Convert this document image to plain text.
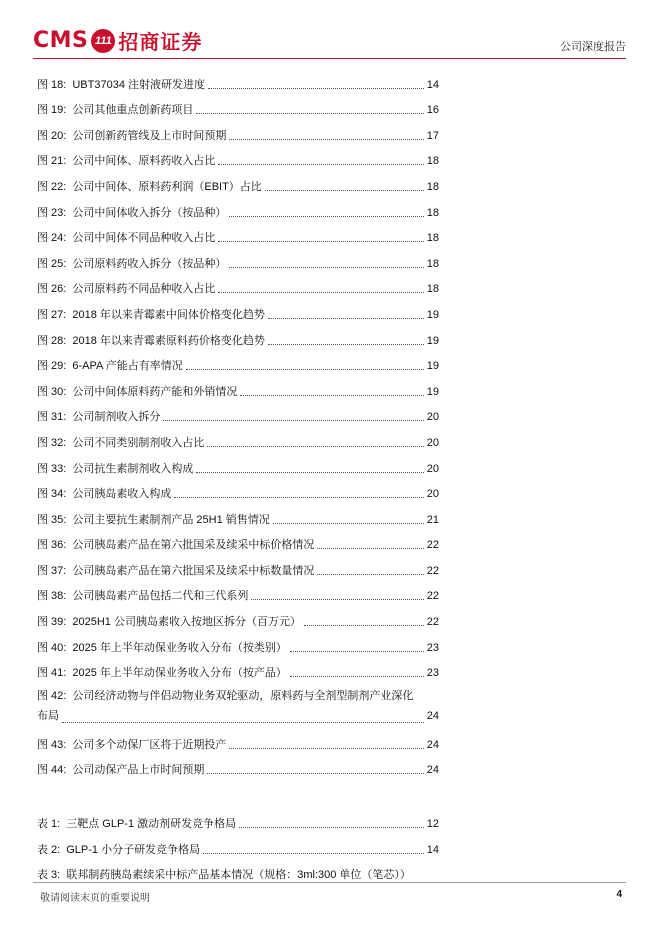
CMS 111 招商证券	公司深度报告
图 18: UBT37034 注射液研发进度	14
图 19: 公司其他重点创新药项目	16
图 20: 公司创新药管线及上市时间预期	17
图 21: 公司中间体、原料药收入占比	18
图 22: 公司中间体、原料药利润（EBIT）占比	18
图 23: 公司中间体收入拆分（按品种）	18
图 24: 公司中间体不同品种收入占比	18
图 25: 公司原料药收入拆分（按品种）	18
图 26: 公司原料药不同品种收入占比	18
图 27: 2018 年以来青霉素中间体价格变化趋势	19
图 28: 2018 年以来青霉素原料药价格变化趋势	19
图 29: 6-APA 产能占有率情况	19
图 30: 公司中间体原料药产能和外销情况	19
图 31: 公司制剂收入拆分	20
图 32: 公司不同类别制剂收入占比	20
图 33: 公司抗生素制剂收入构成	20
图 34: 公司胰岛素收入构成	20
图 35: 公司主要抗生素制剂产品 25H1 销售情况	21
图 36: 公司胰岛素产品在第六批国采及续采中标价格情况	22
图 37: 公司胰岛素产品在第六批国采及续采中标数量情况	22
图 38: 公司胰岛素产品包括二代和三代系列	22
图 39: 2025H1 公司胰岛素收入按地区拆分（百万元）	22
图 40: 2025 年上半年动保业务收入分布（按类别）	23
图 41: 2025 年上半年动保业务收入分布（按产品）	23
图 42: 公司经济动物与伴侣动物业务双轮驱动，原料药与全剂型制剂产业深化
布局	24
图 43: 公司多个动保厂区将于近期投产	24
图 44: 公司动保产品上市时间预期	24
表 1: 三靶点 GLP-1 激动剂研发竞争格局	12
表 2: GLP-1 小分子研发竞争格局	14
表 3: 联邦制药胰岛素续采中标产品基本情况（规格：3ml:300 单位（笔芯））
敬请阅读末页的重要说明	4
